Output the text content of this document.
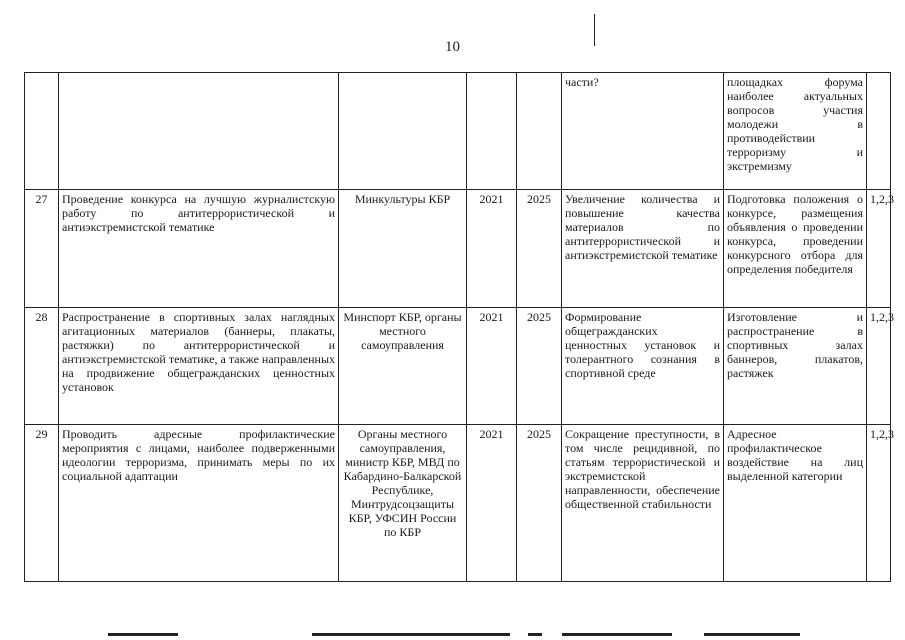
10
					части?	площадках форума наиболее актуальных вопросов участия молодежи в противодействии терроризму и экстремизму	
27	Проведение конкурса на лучшую журналистскую работу по антитеррористической и антиэкстремистской тематике	Минкультуры КБР	2021	2025	Увеличение количества и повышение качества материалов по антитеррористической и антиэкстремистской тематике	Подготовка положения о конкурсе, размещения объявления о проведении конкурса, проведении конкурсного отбора для определения победителя	1,2,3
28	Распространение в спортивных залах наглядных агитационных материалов (баннеры, плакаты, растяжки) по антитеррористической и антиэкстремистской тематике, а также направленных на продвижение общегражданских ценностных установок	Минспорт КБР, органы местного самоуправления	2021	2025	Формирование общегражданских ценностных установок и толерантного сознания в спортивной среде	Изготовление и распространение в спортивных залах баннеров, плакатов, растяжек	1,2,3
29	Проводить адресные профилактические мероприятия с лицами, наиболее подверженными идеологии терроризма, принимать меры по их социальной адаптации	Органы местного самоуправления, министр КБР, МВД по Кабардино-Балкарской Республике, Минтрудсоцзащиты КБР, УФСИН России по КБР	2021	2025	Сокращение преступности, в том числе рецидивной, по статьям террористической и экстремистской направленности, обеспечение общественной стабильности	Адресное профилактическое воздействие на лиц выделенной категории	1,2,3
